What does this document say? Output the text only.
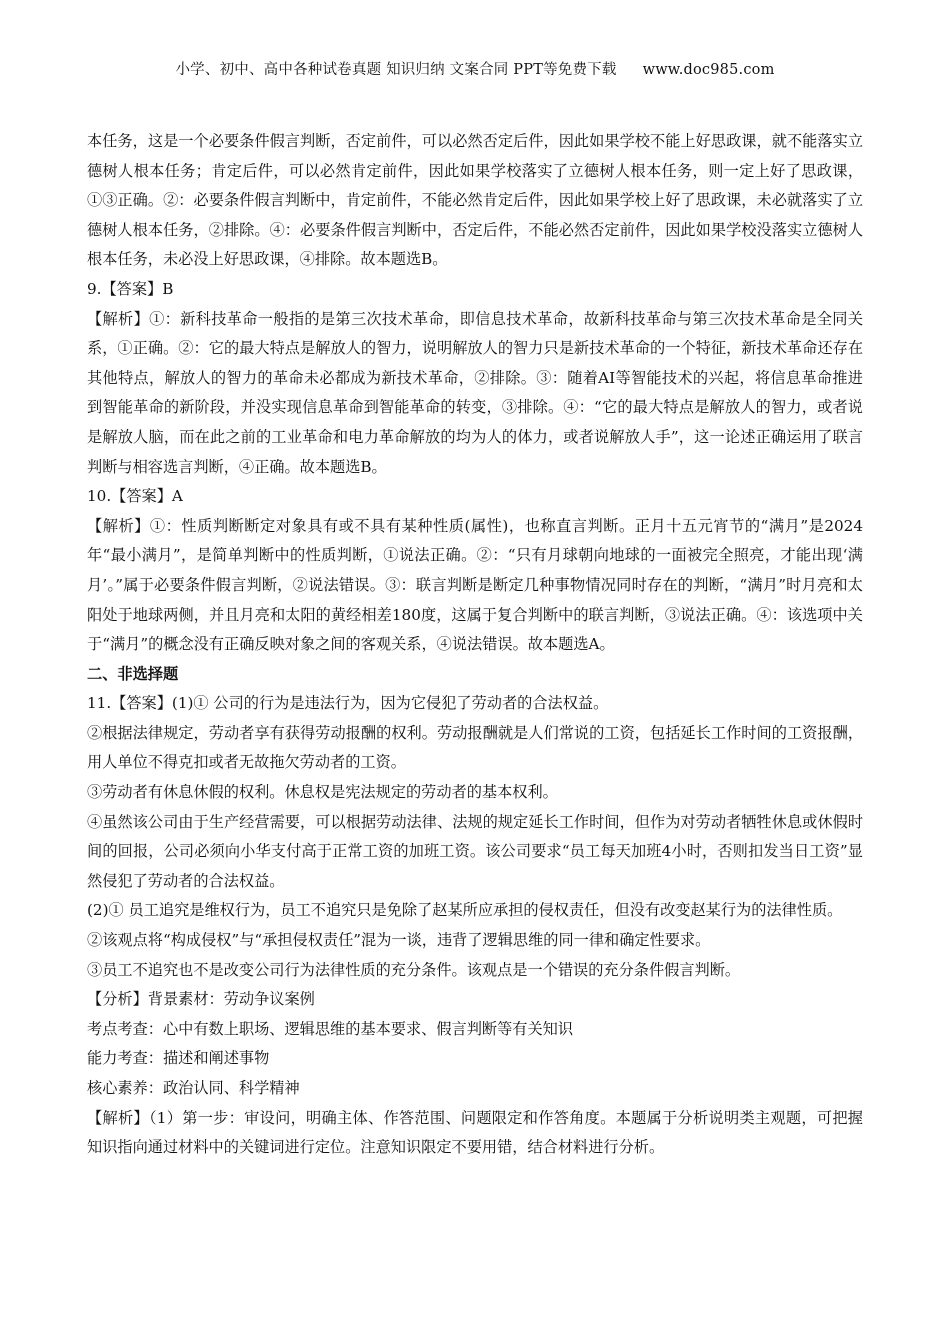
小学、初中、高中各种试卷真题 知识归纳 文案合同 PPT等免费下载 www.doc985.com

本任务，这是一个必要条件假言判断，否定前件，可以必然否定后件，因此如果学校不能上好思政课，就不能落实立德树人根本任务；肯定后件，可以必然肯定前件，因此如果学校落实了立德树人根本任务，则一定上好了思政课，①③正确。②：必要条件假言判断中，肯定前件，不能必然肯定后件，因此如果学校上好了思政课，未必就落实了立德树人根本任务，②排除。④：必要条件假言判断中，否定后件，不能必然否定前件，因此如果学校没落实立德树人根本任务，未必没上好思政课，④排除。故本题选B。

9.【答案】B

【解析】①：新科技革命一般指的是第三次技术革命，即信息技术革命，故新科技革命与第三次技术革命是全同关系，①正确。②：它的最大特点是解放人的智力，说明解放人的智力只是新技术革命的一个特征，新技术革命还存在其他特点，解放人的智力的革命未必都成为新技术革命，②排除。③：随着AI等智能技术的兴起，将信息革命推进到智能革命的新阶段，并没实现信息革命到智能革命的转变，③排除。④：“它的最大特点是解放人的智力，或者说是解放人脑，而在此之前的工业革命和电力革命解放的均为人的体力，或者说解放人手”，这一论述正确运用了联言判断与相容选言判断，④正确。故本题选B。

10.【答案】A

【解析】①：性质判断断定对象具有或不具有某种性质(属性)，也称直言判断。正月十五元宵节的“满月”是2024年“最小满月”，是简单判断中的性质判断，①说法正确。②：“只有月球朝向地球的一面被完全照亮，才能出现‘满月’。”属于必要条件假言判断，②说法错误。③：联言判断是断定几种事物情况同时存在的判断，“满月”时月亮和太阳处于地球两侧，并且月亮和太阳的黄经相差180度，这属于复合判断中的联言判断，③说法正确。④：该选项中关于“满月”的概念没有正确反映对象之间的客观关系，④说法错误。故本题选A。

二、非选择题

11.【答案】(1)① 公司的行为是违法行为，因为它侵犯了劳动者的合法权益。

②根据法律规定，劳动者享有获得劳动报酬的权利。劳动报酬就是人们常说的工资，包括延长工作时间的工资报酬，用人单位不得克扣或者无故拖欠劳动者的工资。

③劳动者有休息休假的权利。休息权是宪法规定的劳动者的基本权利。

④虽然该公司由于生产经营需要，可以根据劳动法律、法规的规定延长工作时间，但作为对劳动者牺牲休息或休假时间的回报，公司必须向小华支付高于正常工资的加班工资。该公司要求“员工每天加班4小时，否则扣发当日工资”显然侵犯了劳动者的合法权益。

(2)① 员工追究是维权行为，员工不追究只是免除了赵某所应承担的侵权责任，但没有改变赵某行为的法律性质。

②该观点将“构成侵权”与“承担侵权责任”混为一谈，违背了逻辑思维的同一律和确定性要求。

③员工不追究也不是改变公司行为法律性质的充分条件。该观点是一个错误的充分条件假言判断。

【分析】背景素材：劳动争议案例

考点考查：心中有数上职场、逻辑思维的基本要求、假言判断等有关知识

能力考查：描述和阐述事物

核心素养：政治认同、科学精神

【解析】（1）第一步：审设问，明确主体、作答范围、问题限定和作答角度。本题属于分析说明类主观题，可把握知识指向通过材料中的关键词进行定位。注意知识限定不要用错，结合材料进行分析。
